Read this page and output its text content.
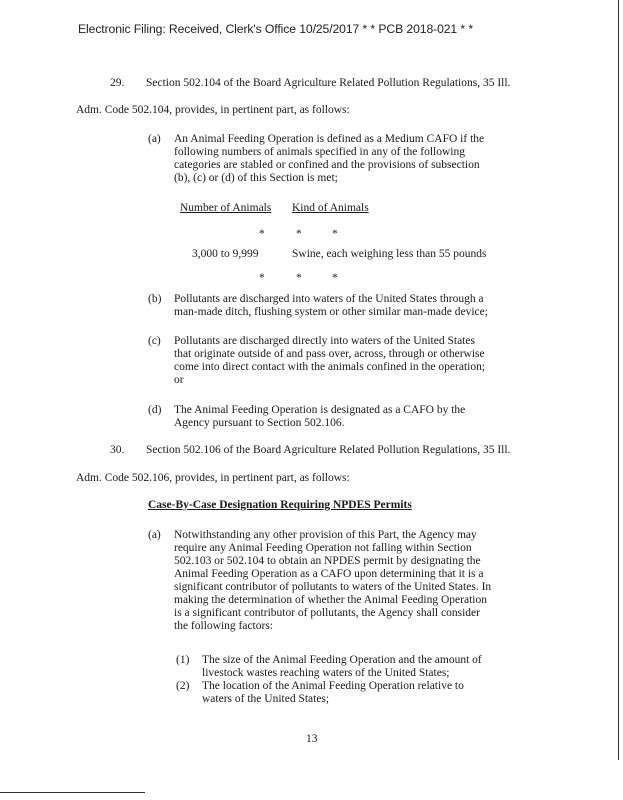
Electronic Filing: Received, Clerk's Office 10/25/2017 * * PCB 2018-021 * *
29. Section 502.104 of the Board Agriculture Related Pollution Regulations, 35 Ill.
Adm. Code 502.104, provides, in pertinent part, as follows:
(a) An Animal Feeding Operation is defined as a Medium CAFO if the
following numbers of animals specified in any of the following
categories are stabled or confined and the provisions of subsection
(b), (c) or (d) of this Section is met;
Number of Animals Kind of Animals
*	*	*
3,000 to 9,999	Swine, each weighing less than 55 pounds
*	*	*
(b) Pollutants are discharged into waters of the United States through a
man-made ditch, flushing system or other similar man-made device;
(c) Pollutants are discharged directly into waters of the United States
that originate outside of and pass over, across, through or otherwise
come into direct contact with the animals confined in the operation;
or
(d) The Animal Feeding Operation is designated as a CAFO by the
Agency pursuant to Section 502.106.
30. Section 502.106 of the Board Agriculture Related Pollution Regulations, 35 Ill.
Adm. Code 502.106, provides, in pertinent part, as follows:
Case-By-Case Designation Requiring NPDES Permits
(a) Notwithstanding any other provision of this Part, the Agency may
require any Animal Feeding Operation not falling within Section
502.103 or 502.104 to obtain an NPDES permit by designating the
Animal Feeding Operation as a CAFO upon determining that it is a
significant contributor of pollutants to waters of the United States. In
making the determination of whether the Animal Feeding Operation
is a significant contributor of pollutants, the Agency shall consider
the following factors:
(1) The size of the Animal Feeding Operation and the amount of
livestock wastes reaching waters of the United States;
(2) The location of the Animal Feeding Operation relative to
waters of the United States;
13
